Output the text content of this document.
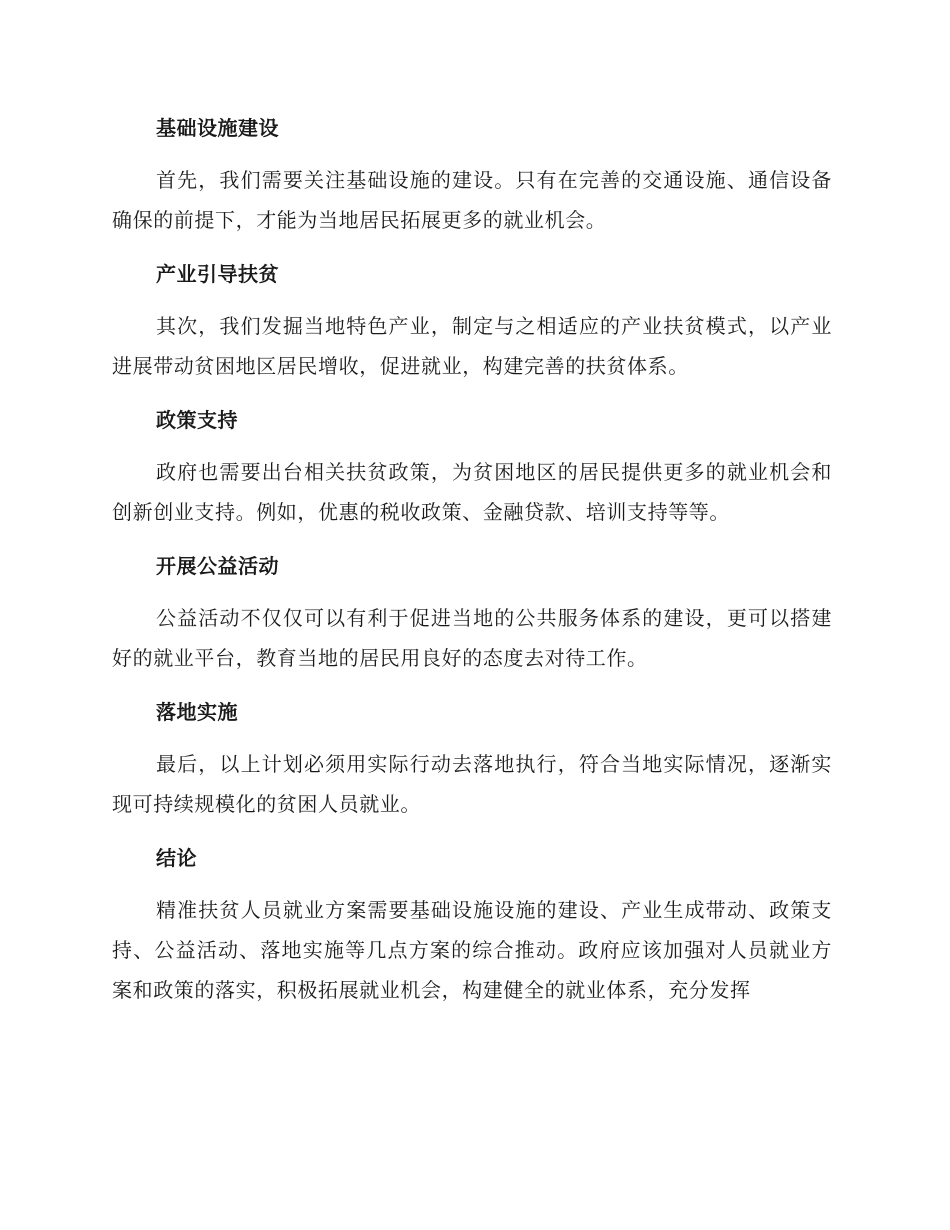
基础设施建设

首先，我们需要关注基础设施的建设。只有在完善的交通设施、通信设备确保的前提下，才能为当地居民拓展更多的就业机会。

产业引导扶贫

其次，我们发掘当地特色产业，制定与之相适应的产业扶贫模式，以产业进展带动贫困地区居民增收，促进就业，构建完善的扶贫体系。

政策支持

政府也需要出台相关扶贫政策，为贫困地区的居民提供更多的就业机会和创新创业支持。例如，优惠的税收政策、金融贷款、培训支持等等。

开展公益活动

公益活动不仅仅可以有利于促进当地的公共服务体系的建设，更可以搭建好的就业平台，教育当地的居民用良好的态度去对待工作。

落地实施

最后，以上计划必须用实际行动去落地执行，符合当地实际情况，逐渐实现可持续规模化的贫困人员就业。

结论

精准扶贫人员就业方案需要基础设施设施的建设、产业生成带动、政策支持、公益活动、落地实施等几点方案的综合推动。政府应该加强对人员就业方案和政策的落实，积极拓展就业机会，构建健全的就业体系，充分发挥
